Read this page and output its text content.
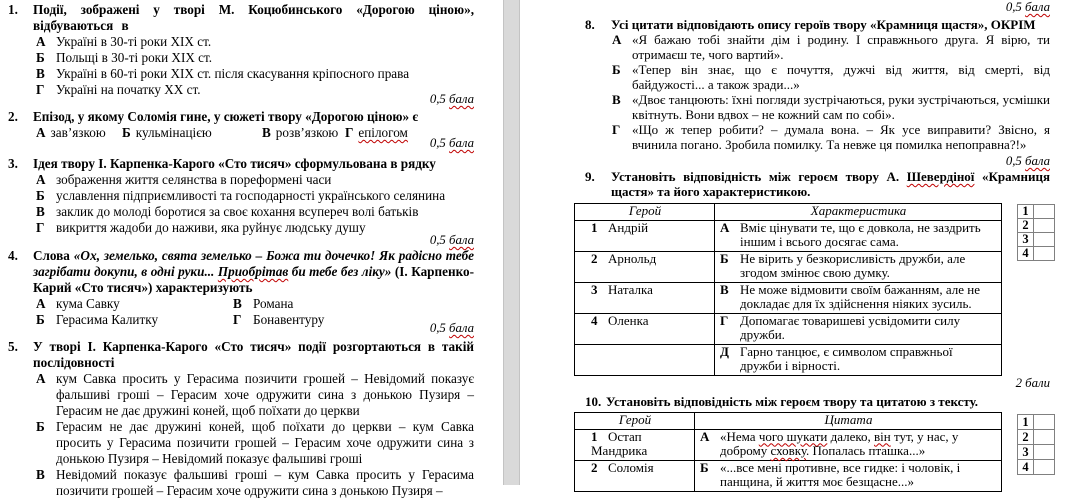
1. Події, зображені у творі М. Коцюбинського «Дорогою ціною», відбуваються в
А Україні в 30-ті роки XIX ст.
Б Польщі в 30-ті роки XIX ст.
В Україні в 60-ті роки XIX ст. після скасування кріпосного права
Г Україні на початку XX ст.
0,5 бала
2. Епізод, у якому Соломія гине, у сюжеті твору «Дорогою ціною» є
А зав’язкою Б кульмінацією	В розв’язкою Г епілогом
0,5 бала
3. Ідея твору І. Карпенка-Карого «Сто тисяч» сформульована в рядку
А зображення життя селянства в пореформені часи
Б уславлення підприємливості та господарності українського селянина
В заклик до молоді боротися за своє кохання всупереч волі батьків
Г викриття жадоби до наживи, яка руйнує людську душу
0,5 бала
4. Слова «Ох, земелько, свята земелько – Божа ти дочечко! Як радісно тебе загрібати докупи, в одні руки... Приобрітав би тебе без ліку» (І. Карпенко-Карий «Сто тисяч») характеризують
А кума Савку	В Романа
Б Герасима Калитку	Г Бонавентуру
0,5 бала
5. У творі І. Карпенка-Карого «Сто тисяч» події розгортаються в такій послідовності
А кум Савка просить у Герасима позичити грошей – Невідомий показує фальшиві гроші – Герасим хоче одружити сина з донькою Пузиря – Герасим не дає дружині коней, щоб поїхати до церкви
Б Герасим не дає дружині коней, щоб поїхати до церкви – кум Савка просить у Герасима позичити грошей – Герасим хоче одружити сина з донькою Пузиря – Невідомий показує фальшиві гроші
В Невідомий показує фальшиві гроші – кум Савка просить у Герасима позичити грошей – Герасим хоче одружити сина з донькою Пузиря –
0,5 бала
8. Усі цитати відповідають опису героїв твору «Крамниця щастя», ОКРІМ
А «Я бажаю тобі знайти дім і родину. І справжнього друга. Я вірю, ти отримаєш те, чого вартий».
Б «Тепер він знає, що є почуття, дужчі від життя, від смерті, від байдужості... а також зради...»
В «Двоє танцюють: їхні погляди зустрічаються, руки зустрічаються, усмішки квітнуть. Вони вдвох – не кожний сам по собі».
Г «Що ж тепер робити? – думала вона. – Як усе виправити? Звісно, я вчинила погано. Зробила помилку. Та невже ця помилка непоправна?!»
0,5 бала
9. Установіть відповідність між героєм твору А. Шевердіної «Крамниця щастя» та його характеристикою.
Герой	Характеристика
1 Андрій	А Вміє цінувати те, що є довкола, не заздрить іншим і всього досягає сама.

2 Арнольд	Б Не вірить у безкорисливість дружби, але згодом змінює свою думку.

3 Наталка	В Не може відмовити своїм бажанням, але не докладає для їх здійснення ніяких зусиль.

4 Оленка	Г Допомагає товаришеві усвідомити силу дружби.

	Д Гарно танцює, є символом справжньої дружби і вірності.
1	
2	
3	
4	
2 бали
10. Установіть відповідність між героєм твору та цитатою з тексту.
Герой	Цитата
1 Остап Мандрика	А «Нема чого шукати далеко, він тут, у нас, у доброму сховку. Попалась пташка...»

2 Соломія	Б «...все мені противне, все гидке: і чоловік, і панщина, й життя моє безщасне...»
1	
2	
3	
4	
